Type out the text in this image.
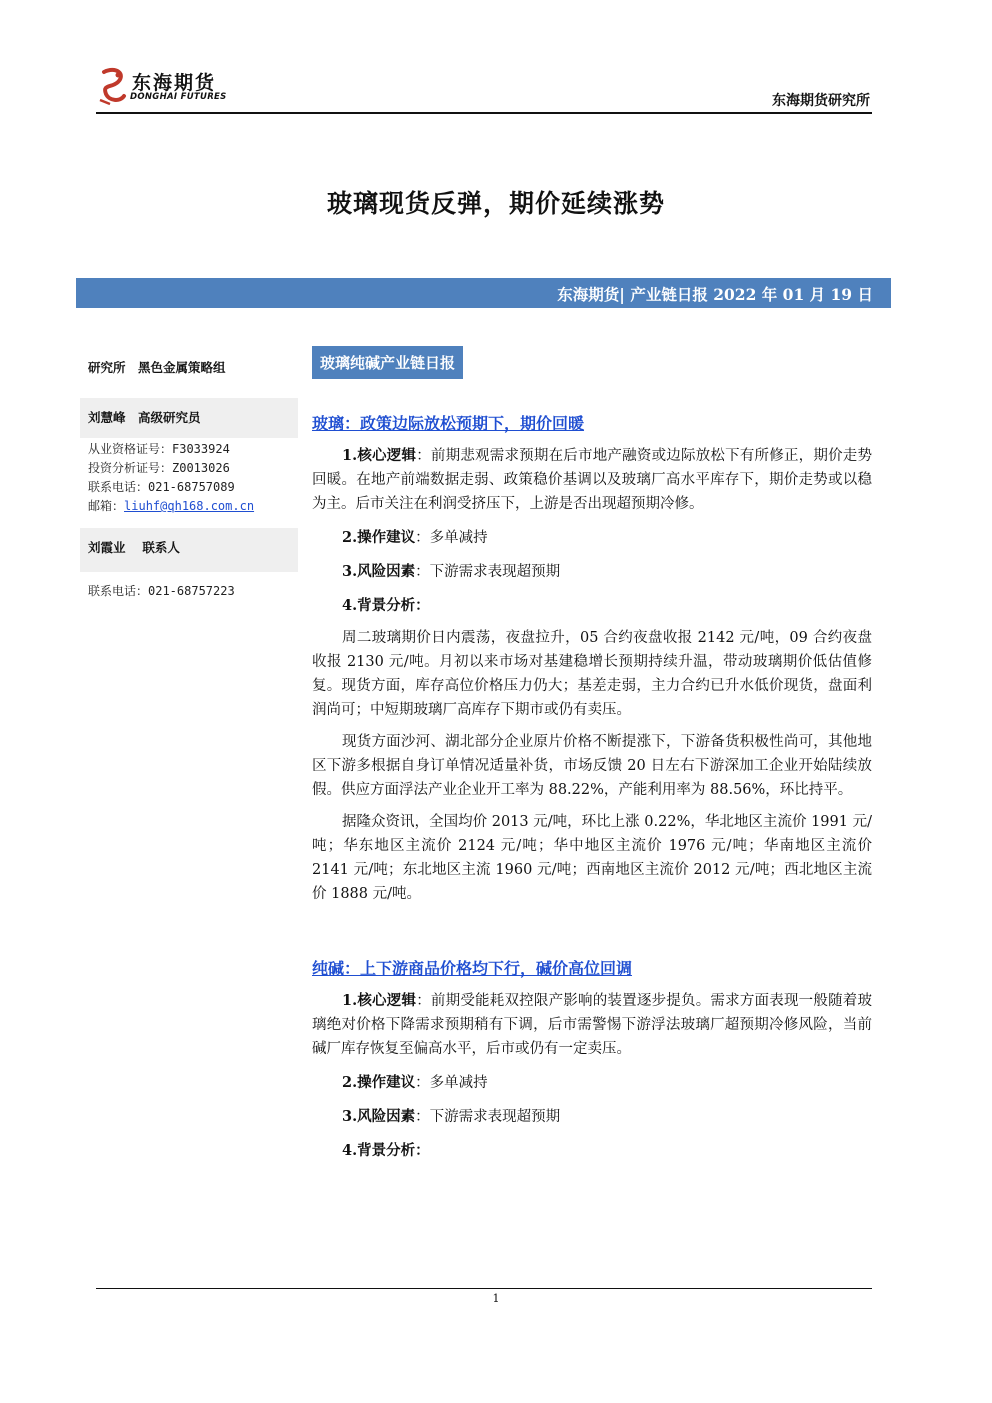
东海期货
DONGHAI FUTURES	东海期货研究所
玻璃现货反弹，期价延续涨势
东海期货| 产业链日报 2022 年 01 月 19 日
研究所　黑色金属策略组
刘慧峰　高级研究员
从业资格证号：F3033924
投资分析证号：Z0013026
联系电话：021-68757089
邮箱：liuhf@qh168.com.cn
刘霞业　 联系人
联系电话：021-68757223
玻璃纯碱产业链日报
玻璃：政策边际放松预期下，期价回暖
1.核心逻辑：前期悲观需求预期在后市地产融资或边际放松下有所修正，期价走势回暖。在地产前端数据走弱、政策稳价基调以及玻璃厂高水平库存下，期价走势或以稳为主。后市关注在利润受挤压下，上游是否出现超预期冷修。
2.操作建议：多单减持
3.风险因素：下游需求表现超预期
4.背景分析：
周二玻璃期价日内震荡，夜盘拉升，05 合约夜盘收报 2142 元/吨，09 合约夜盘收报 2130 元/吨。月初以来市场对基建稳增长预期持续升温，带动玻璃期价低估值修复。现货方面，库存高位价格压力仍大；基差走弱，主力合约已升水低价现货，盘面利润尚可；中短期玻璃厂高库存下期市或仍有卖压。
现货方面沙河、湖北部分企业原片价格不断提涨下，下游备货积极性尚可，其他地区下游多根据自身订单情况适量补货，市场反馈 20 日左右下游深加工企业开始陆续放假。供应方面浮法产业企业开工率为 88.22%，产能利用率为 88.56%，环比持平。
据隆众资讯，全国均价 2013 元/吨，环比上涨 0.22%，华北地区主流价 1991 元/吨；华东地区主流价 2124 元/吨；华中地区主流价 1976 元/吨；华南地区主流价 2141 元/吨；东北地区主流 1960 元/吨；西南地区主流价 2012 元/吨；西北地区主流价 1888 元/吨。
纯碱：上下游商品价格均下行，碱价高位回调
1.核心逻辑：前期受能耗双控限产影响的装置逐步提负。需求方面表现一般随着玻璃绝对价格下降需求预期稍有下调，后市需警惕下游浮法玻璃厂超预期冷修风险，当前碱厂库存恢复至偏高水平，后市或仍有一定卖压。
2.操作建议：多单减持
3.风险因素：下游需求表现超预期
4.背景分析：
1
